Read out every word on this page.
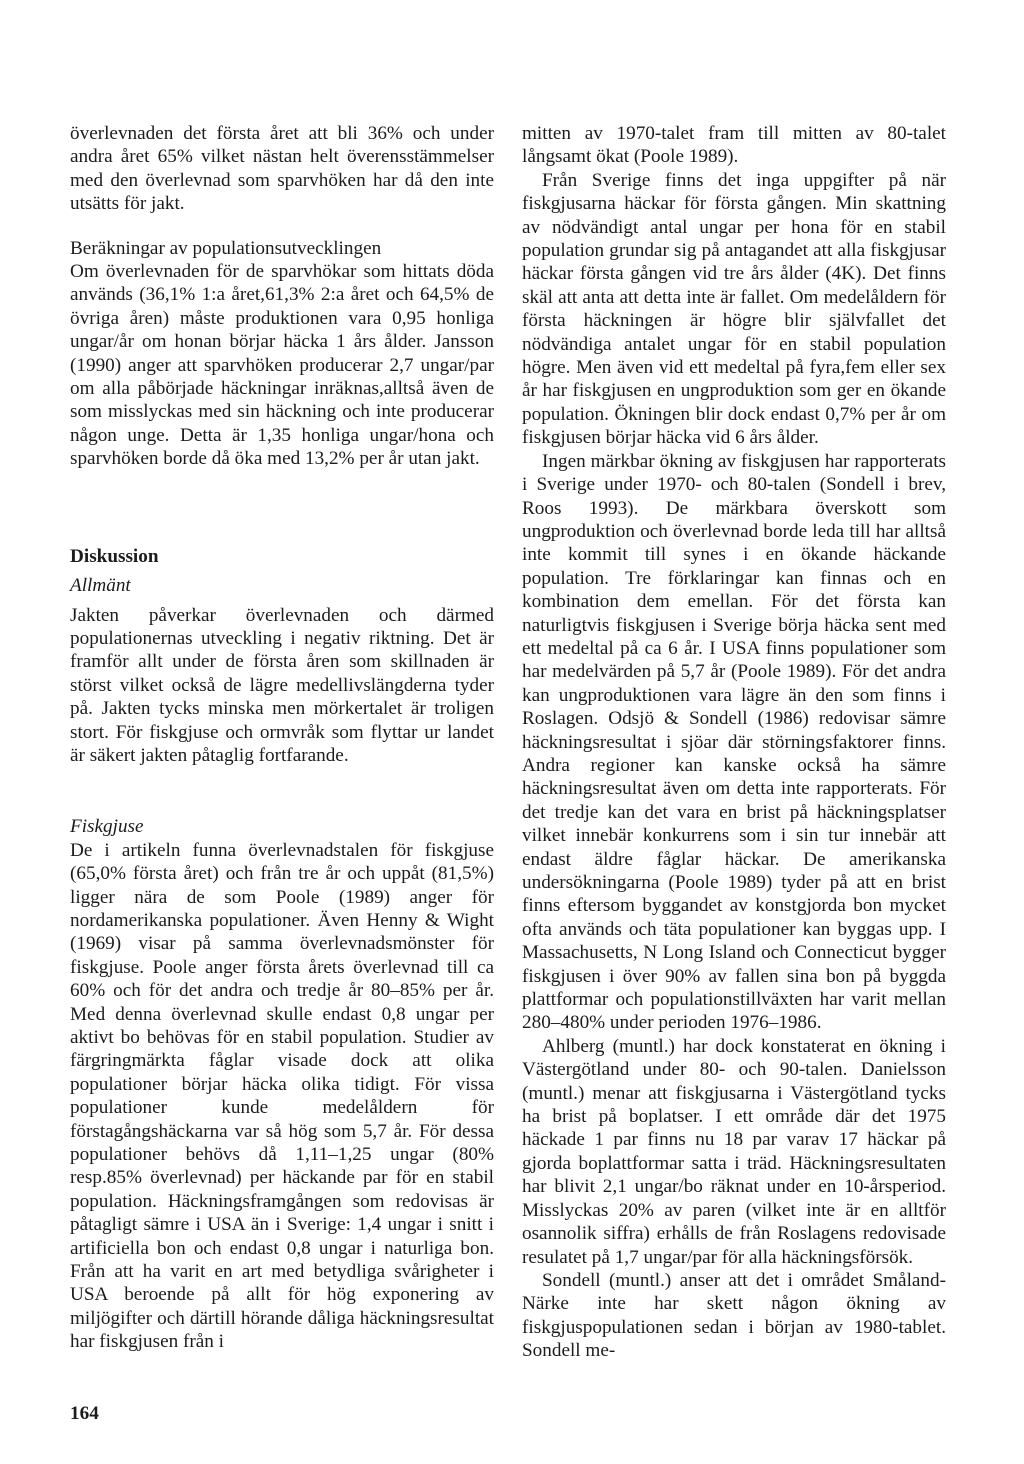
överlevnaden det första året att bli 36% och under andra året 65% vilket nästan helt överensstämmelser med den överlevnad som sparvhöken har då den inte utsätts för jakt.

Beräkningar av populationsutvecklingen

Om överlevnaden för de sparvhökar som hittats döda används (36,1% 1:a året,61,3% 2:a året och 64,5% de övriga åren) måste produktionen vara 0,95 honliga ungar/år om honan börjar häcka 1 års ålder. Jansson (1990) anger att sparvhöken producerar 2,7 ungar/par om alla påbörjade häckningar inräknas,alltså även de som misslyckas med sin häckning och inte producerar någon unge. Detta är 1,35 honliga ungar/hona och sparvhöken borde då öka med 13,2% per år utan jakt.

Diskussion

Allmänt

Jakten påverkar överlevnaden och därmed populationernas utveckling i negativ riktning. Det är framför allt under de första åren som skillnaden är störst vilket också de lägre medellivslängderna tyder på. Jakten tycks minska men mörkertalet är troligen stort. För fiskgjuse och ormvråk som flyttar ur landet är säkert jakten påtaglig fortfarande.

Fiskgjuse

De i artikeln funna överlevnadstalen för fiskgjuse (65,0% första året) och från tre år och uppåt (81,5%) ligger nära de som Poole (1989) anger för nordamerikanska populationer. Även Henny & Wight (1969) visar på samma överlevnadsmönster för fiskgjuse. Poole anger första årets överlevnad till ca 60% och för det andra och tredje år 80–85% per år. Med denna överlevnad skulle endast 0,8 ungar per aktivt bo behövas för en stabil population. Studier av färgringmärkta fåglar visade dock att olika populationer börjar häcka olika tidigt. För vissa populationer kunde medelåldern för förstagångshäckarna var så hög som 5,7 år. För dessa populationer behövs då 1,11–1,25 ungar (80% resp.85% överlevnad) per häckande par för en stabil population. Häckningsframgången som redovisas är påtagligt sämre i USA än i Sverige: 1,4 ungar i snitt i artificiella bon och endast 0,8 ungar i naturliga bon. Från att ha varit en art med betydliga svårigheter i USA beroende på allt för hög exponering av miljögifter och därtill hörande dåliga häckningsresultat har fiskgjusen från i

mitten av 1970-talet fram till mitten av 80-talet långsamt ökat (Poole 1989).

Från Sverige finns det inga uppgifter på när fiskgjusarna häckar för första gången. Min skattning av nödvändigt antal ungar per hona för en stabil population grundar sig på antagandet att alla fiskgjusar häckar första gången vid tre års ålder (4K). Det finns skäl att anta att detta inte är fallet. Om medelåldern för första häckningen är högre blir självfallet det nödvändiga antalet ungar för en stabil population högre. Men även vid ett medeltal på fyra,fem eller sex år har fiskgjusen en ungproduktion som ger en ökande population. Ökningen blir dock endast 0,7% per år om fiskgjusen börjar häcka vid 6 års ålder.

Ingen märkbar ökning av fiskgjusen har rapporterats i Sverige under 1970- och 80-talen (Sondell i brev, Roos 1993). De märkbara överskott som ungproduktion och överlevnad borde leda till har alltså inte kommit till synes i en ökande häckande population. Tre förklaringar kan finnas och en kombination dem emellan. För det första kan naturligtvis fiskgjusen i Sverige börja häcka sent med ett medeltal på ca 6 år. I USA finns populationer som har medelvärden på 5,7 år (Poole 1989). För det andra kan ungproduktionen vara lägre än den som finns i Roslagen. Odsjö & Sondell (1986) redovisar sämre häckningsresultat i sjöar där störningsfaktorer finns. Andra regioner kan kanske också ha sämre häckningsresultat även om detta inte rapporterats. För det tredje kan det vara en brist på häckningsplatser vilket innebär konkurrens som i sin tur innebär att endast äldre fåglar häckar. De amerikanska undersökningarna (Poole 1989) tyder på att en brist finns eftersom byggandet av konstgjorda bon mycket ofta används och täta populationer kan byggas upp. I Massachusetts, N Long Island och Connecticut bygger fiskgjusen i över 90% av fallen sina bon på byggda plattformar och populationstillväxten har varit mellan 280–480% under perioden 1976–1986.

Ahlberg (muntl.) har dock konstaterat en ökning i Västergötland under 80- och 90-talen. Danielsson (muntl.) menar att fiskgjusarna i Västergötland tycks ha brist på boplatser. I ett område där det 1975 häckade 1 par finns nu 18 par varav 17 häckar på gjorda boplattformar satta i träd. Häckningsresultaten har blivit 2,1 ungar/bo räknat under en 10-årsperiod. Misslyckas 20% av paren (vilket inte är en alltför osannolik siffra) erhålls de från Roslagens redovisade resulatet på 1,7 ungar/par för alla häckningsförsök.

Sondell (muntl.) anser att det i området Småland-Närke inte har skett någon ökning av fiskgjuspopulationen sedan i början av 1980-tablet. Sondell me-

164
